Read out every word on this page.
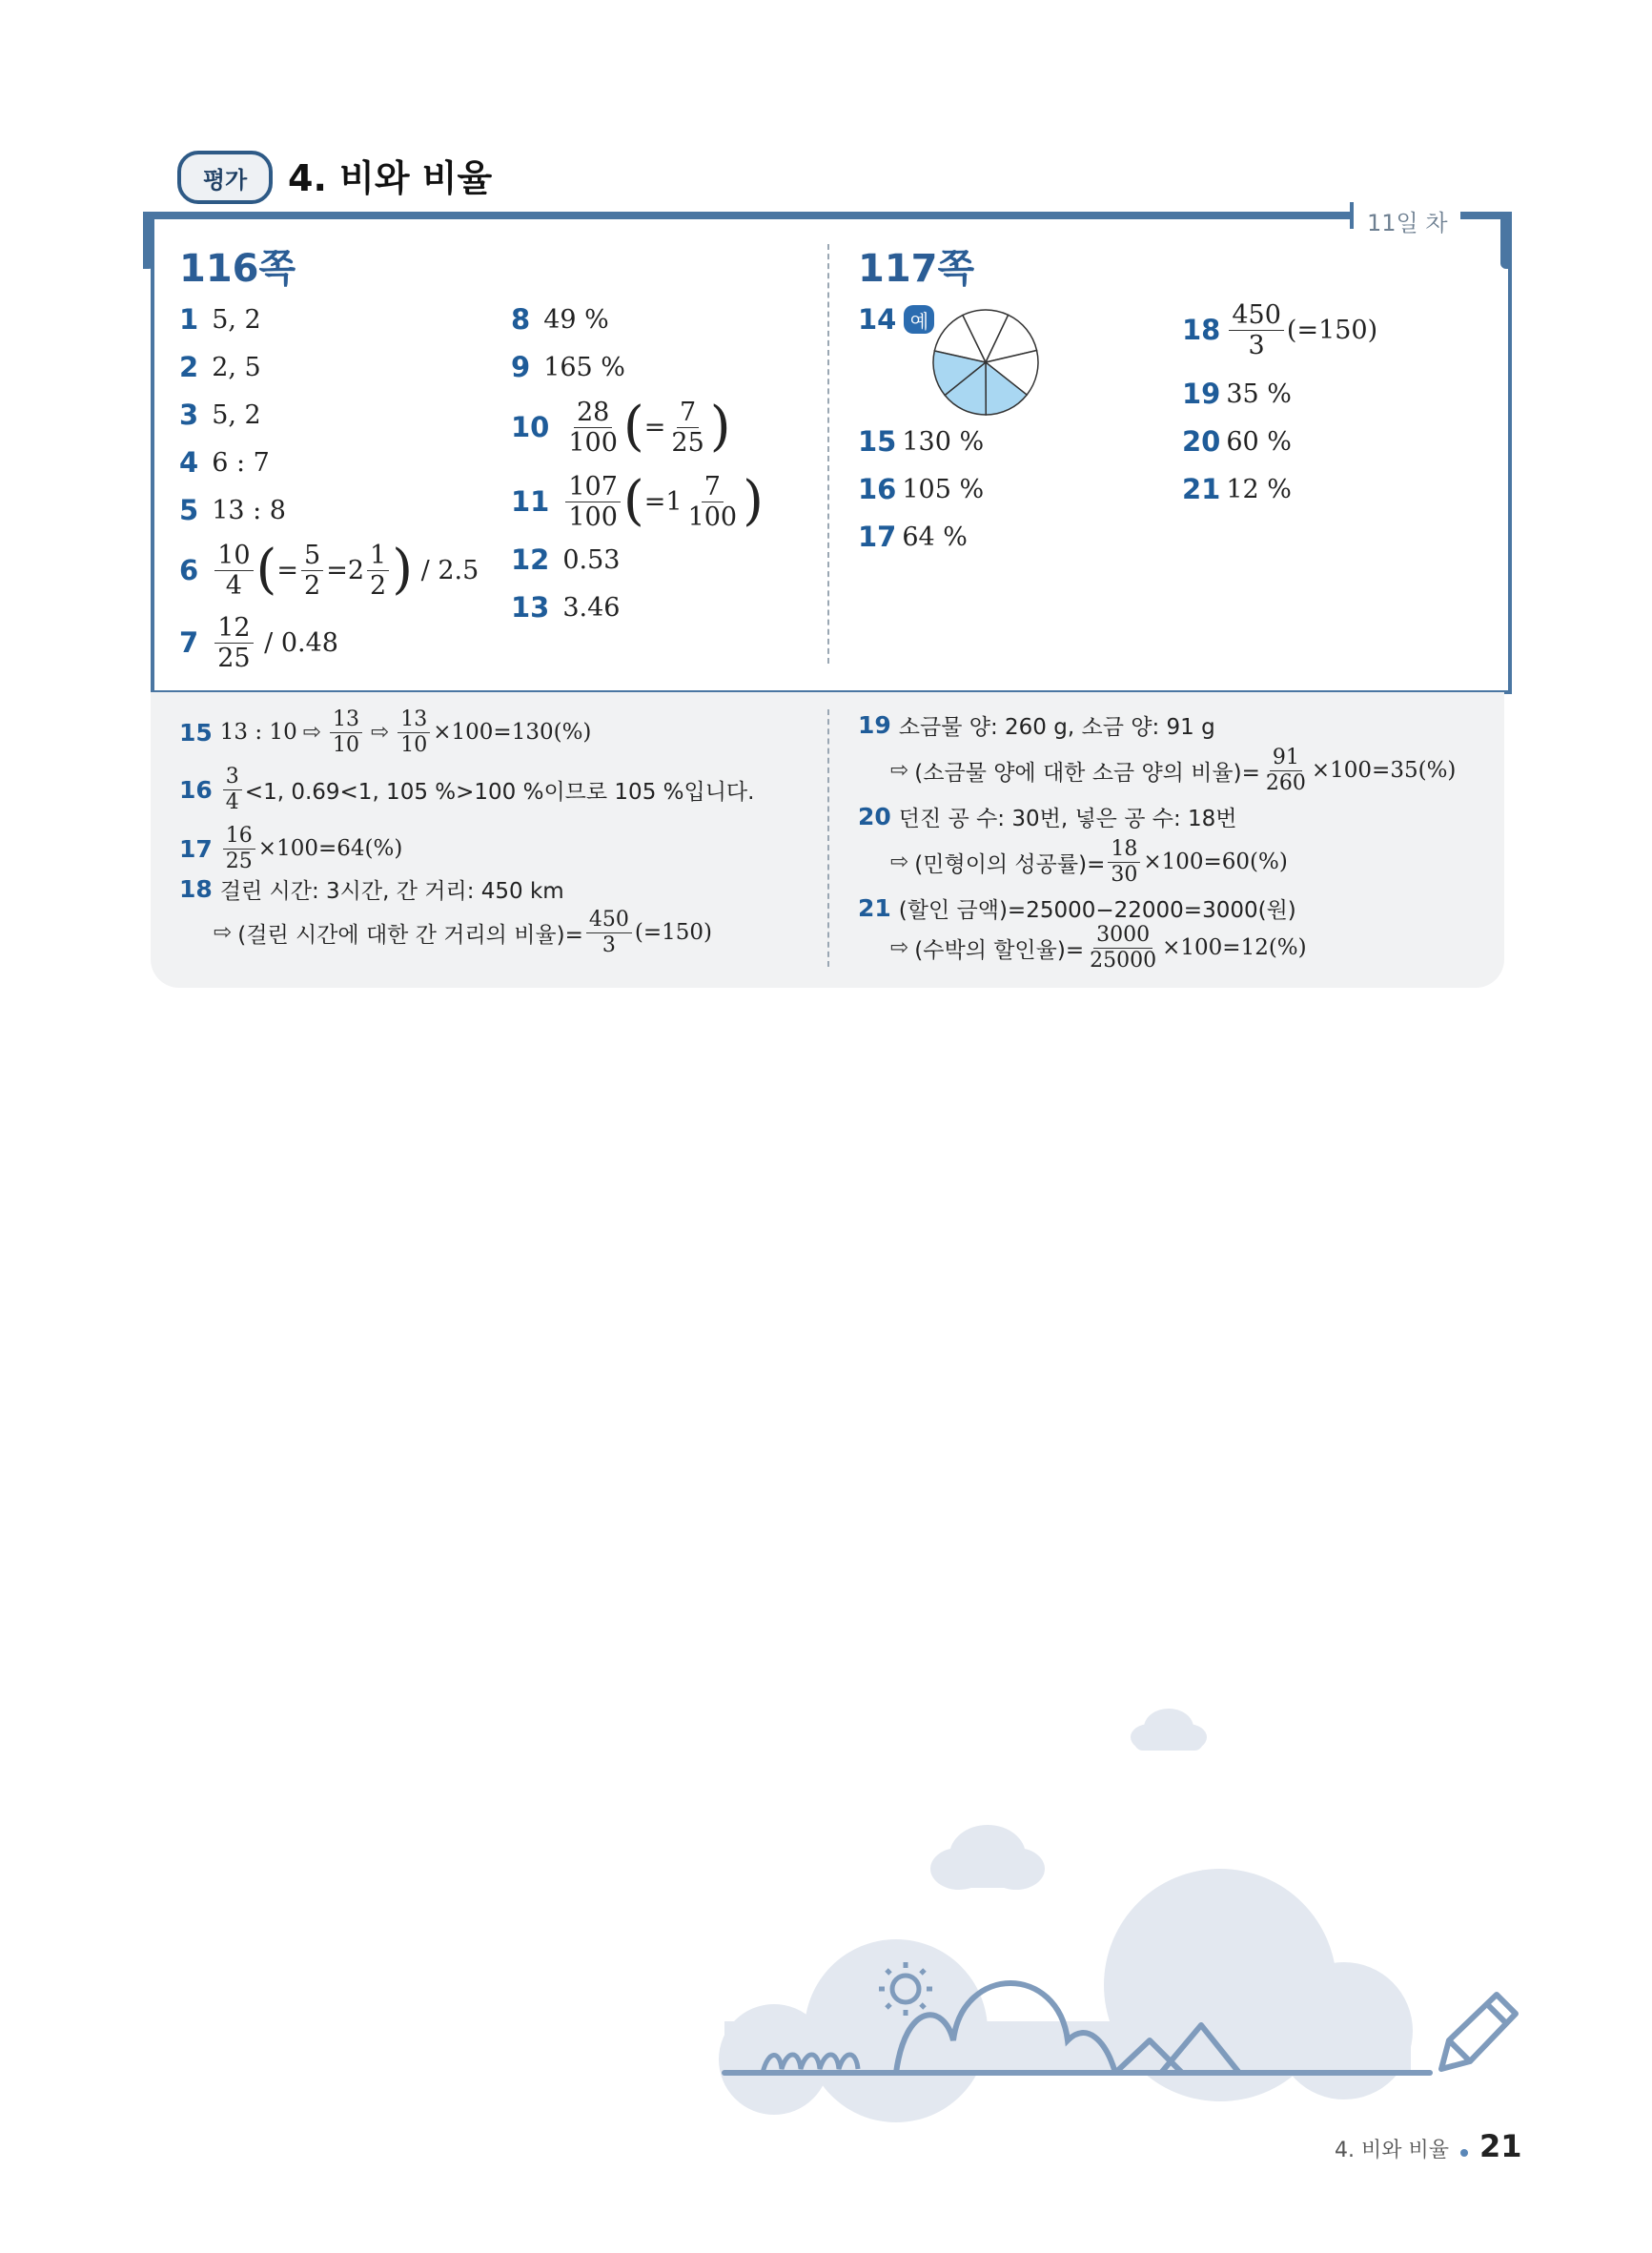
평가 4. 비와 비율
11일 차
116쪽
1 5, 2
2 2, 5
3 5, 2
4 6 : 7
5 13 : 8
$6 \frac{10}{4}$ ( = $\frac{5}{2} =2 \frac{1}{2}$ )
/ 2.5
$7 \frac{12}{25}$
/ 0.48
8 49 %
9 165 %
$10 \frac{28}{100}$ ( = $\frac{7}{25}$ )
$11 \frac{107}{100}$ ( $=1 \frac{7}{100}$ )
12 0.53
13 3.46
117쪽
14 예
15 130 %
16 105 %
17 64 %
$18 \frac{450}{3} (=150)$
19 35 %
20 60 %
21 12 %
15 13 : 10 ⇨ $\frac{13}{10}$ ⇨ $\frac{13}{10} \times 100=130(\%)$
$16 \frac{3}{4} <1$, 0.69<1, 105 %>100 %이므로 105 %입니다.
$17 \frac{16}{25} \times 100=64(\%)$
18 걸린 시간: 3시간, 간 거리: 450 km
⇨ (걸린 시간에 대한 간 거리의 비율)= $\frac{450}{3} (=150)$
19 소금물 양: 260 g, 소금 양: 91 g
⇨ (소금물 양에 대한 소금 양의 비율)= $\frac{91}{260} \times 100=35(\%)$
20 던진 공 수: 30번, 넣은 공 수: 18번
⇨ (민형이의 성공률)= $\frac{18}{30} \times 100=60(\%)$
21 (할인 금액)=25000−22000=3000(원)
⇨ (수박의 할인율)= $\frac{3000}{25000} \times 100=12(\%)$
4. 비와 비율 21
